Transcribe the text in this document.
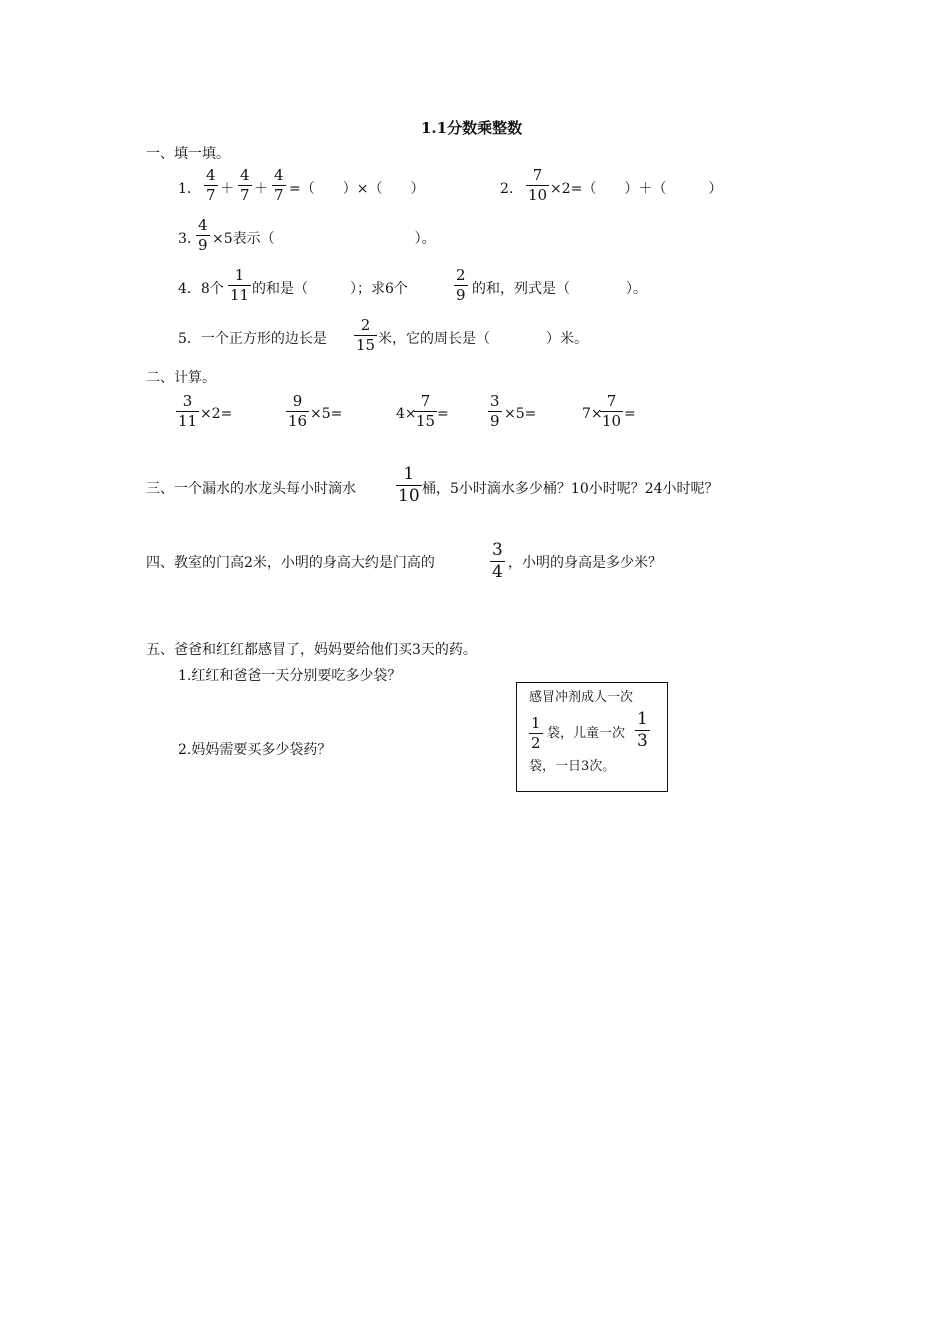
1.1分数乘整数
一、填一填。
1．
4
7 ＋
4
7 ＋
4
7 =（　　）×（　　）	2.
7
10 ×2=（　　）＋（　　　）
3.
4
9 ×5表示（　　　　　　　　　　）。
4．8个
1
11 的和是（　　　）；求6个
2
9 的和，列式是（　　　　）。
5．一个正方形的边长是
2
15 米，它的周长是（　　　　）米。
二、计算。
3
11 ×2=
9
16 ×5=	4×
7
15 =
3
9 ×5=	7×
7
10 =
三、一个漏水的水龙头每小时滴水
1
10 桶，5小时滴水多少桶？10小时呢？24小时呢？
四、教室的门高2米，小明的身高大约是门高的
3
4 ，小明的身高是多少米？
五、爸爸和红红都感冒了，妈妈要给他们买3天的药。
1.红红和爸爸一天分别要吃多少袋？
2.妈妈需要买多少袋药？
感冒冲剂成人一次
1
2
袋，儿童一次
1
3
袋，一日3次。
